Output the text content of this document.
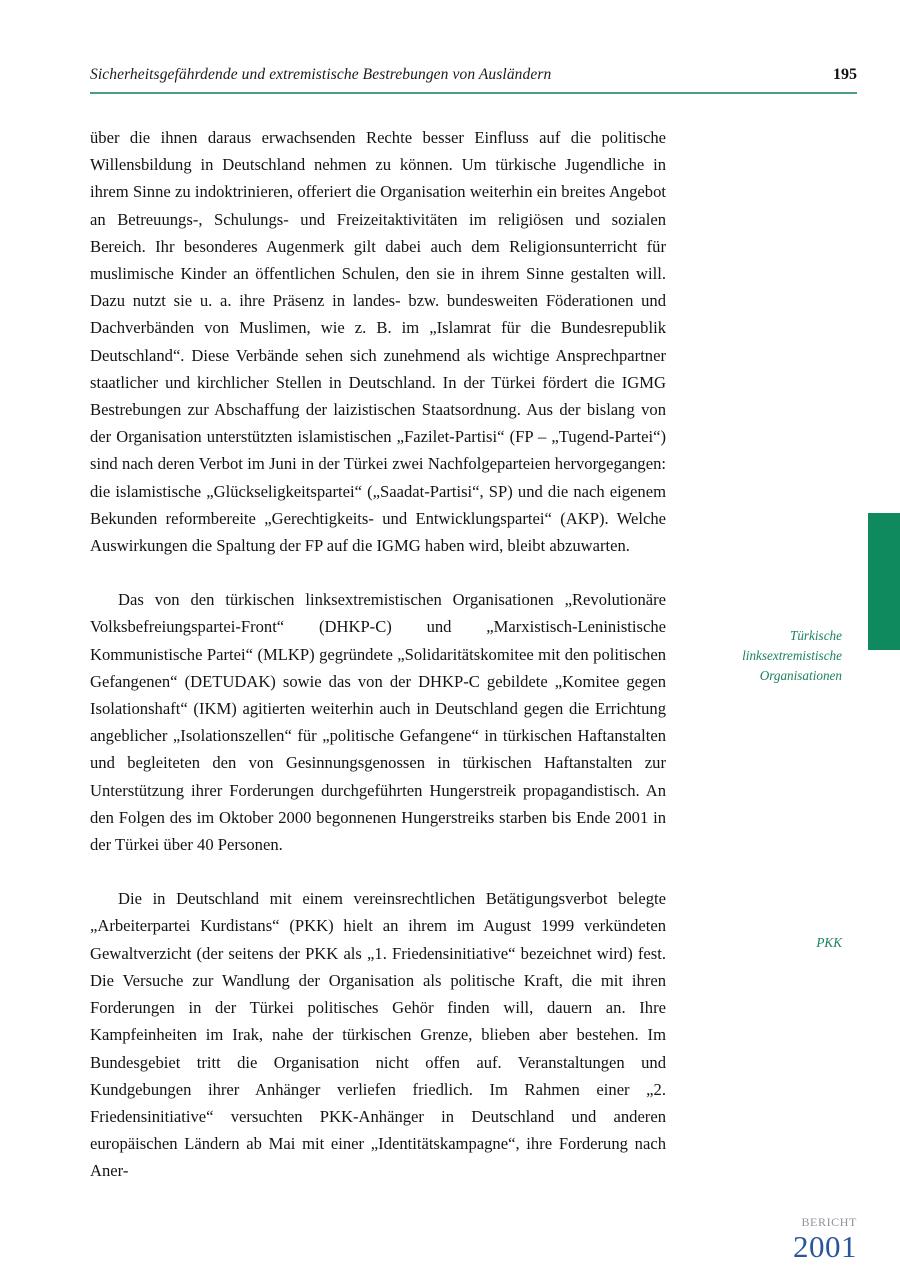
Sicherheitsgefährdende und extremistische Bestrebungen von Ausländern	195

über die ihnen daraus erwachsenden Rechte besser Einfluss auf die politische Willensbildung in Deutschland nehmen zu können. Um türkische Jugendliche in ihrem Sinne zu indoktrinieren, offeriert die Organisation weiterhin ein breites Angebot an Betreuungs-, Schulungs- und Freizeitaktivitäten im religiösen und sozialen Bereich. Ihr besonderes Augenmerk gilt dabei auch dem Religionsunterricht für muslimische Kinder an öffentlichen Schulen, den sie in ihrem Sinne gestalten will. Dazu nutzt sie u. a. ihre Präsenz in landes- bzw. bundesweiten Föderationen und Dachverbänden von Muslimen, wie z. B. im „Islamrat für die Bundesrepublik Deutschland“. Diese Verbände sehen sich zunehmend als wichtige Ansprechpartner staatlicher und kirchlicher Stellen in Deutschland. In der Türkei fördert die IGMG Bestrebungen zur Abschaffung der laizistischen Staatsordnung. Aus der bislang von der Organisation unterstützten islamistischen „Fazilet-Partisi“ (FP – „Tugend-Partei“) sind nach deren Verbot im Juni in der Türkei zwei Nachfolgeparteien hervorgegangen: die islamistische „Glückseligkeitspartei“ („Saadat-Partisi“, SP) und die nach eigenem Bekunden reformbereite „Gerechtigkeits- und Entwicklungspartei“ (AKP). Welche Auswirkungen die Spaltung der FP auf die IGMG haben wird, bleibt abzuwarten.

Das von den türkischen linksextremistischen Organisationen „Revolutionäre Volksbefreiungspartei-Front“ (DHKP-C) und „Marxistisch-Leninistische Kommunistische Partei“ (MLKP) gegründete „Solidaritätskomitee mit den politischen Gefangenen“ (DETUDAK) sowie das von der DHKP-C gebildete „Komitee gegen Isolationshaft“ (IKM) agitierten weiterhin auch in Deutschland gegen die Errichtung angeblicher „Isolationszellen“ für „politische Gefangene“ in türkischen Haftanstalten und begleiteten den von Gesinnungsgenossen in türkischen Haftanstalten zur Unterstützung ihrer Forderungen durchgeführten Hungerstreik propagandistisch. An den Folgen des im Oktober 2000 begonnenen Hungerstreiks starben bis Ende 2001 in der Türkei über 40 Personen.

Die in Deutschland mit einem vereinsrechtlichen Betätigungsverbot belegte „Arbeiterpartei Kurdistans“ (PKK) hielt an ihrem im August 1999 verkündeten Gewaltverzicht (der seitens der PKK als „1. Friedensinitiative“ bezeichnet wird) fest. Die Versuche zur Wandlung der Organisation als politische Kraft, die mit ihren Forderungen in der Türkei politisches Gehör finden will, dauern an. Ihre Kampfeinheiten im Irak, nahe der türkischen Grenze, blieben aber bestehen. Im Bundesgebiet tritt die Organisation nicht offen auf. Veranstaltungen und Kundgebungen ihrer Anhänger verliefen friedlich. Im Rahmen einer „2. Friedensinitiative“ versuchten PKK-Anhänger in Deutschland und anderen europäischen Ländern ab Mai mit einer „Identitätskampagne“, ihre Forderung nach Aner-

Türkische linksextremistische Organisationen
PKK
bericht
2001
